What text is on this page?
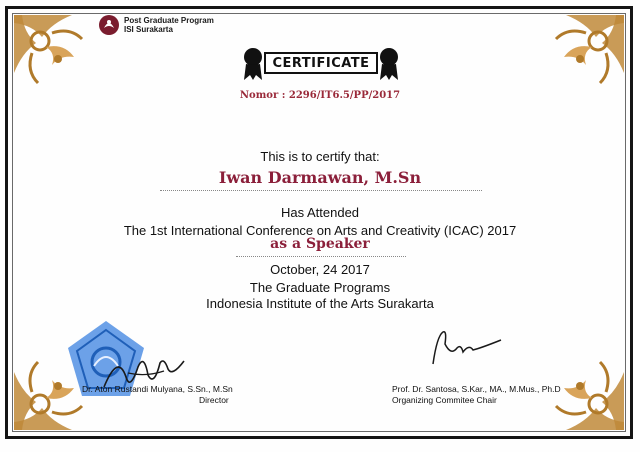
Post Graduate Program
ISI Surakarta
CERTIFICATE
Nomor : 2296/IT6.5/PP/2017
This is to certify that:
Iwan Darmawan, M.Sn
Has Attended
The 1st International Conference on Arts and Creativity (ICAC) 2017
as a Speaker
October, 24 2017
The Graduate Programs
Indonesia Institute of the Arts Surakarta
Dr. Aton Rustandi Mulyana, S.Sn., M.Sn
Director
Prof. Dr. Santosa, S.Kar., MA., M.Mus., Ph.D
Organizing Commitee Chair
